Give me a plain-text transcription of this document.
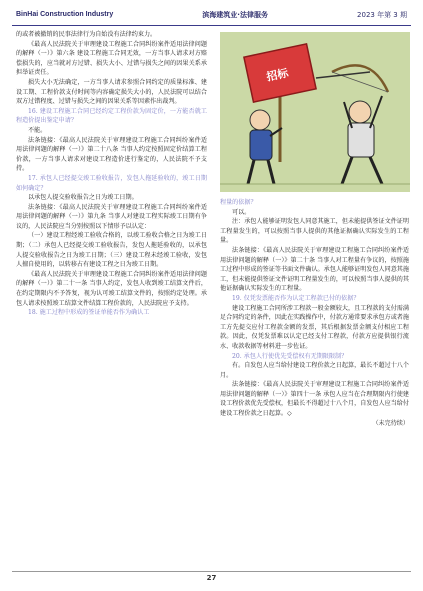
BinHai Construction Industry	滨海建筑业·法律服务	2023 年第 3 期

的或者被撤销的民事法律行为自始没有法律约束力。

《最高人民法院关于审理建设工程施工合同纠纷案件适用法律问题的解释（一）》第六条 建设工程施工合同无效，一方当事人请求对方赔偿损失的，应当就对方过错、损失大小、过错与损失之间的因果关系承担举证责任。

损失大小无法确定，一方当事人请求参照合同约定的质量标准、建设工期、工程价款支付时间等内容确定损失大小的，人民法院可以结合双方过错程度、过错与损失之间的因果关系等因素作出裁判。

16. 建设工程施工合同已经约定工程价款为固定价，一方能否就工程造价提出鉴定申请？

不能。

法条链接：《最高人民法院关于审理建设工程施工合同纠纷案件适用法律问题的解释（一）》第二十八条 当事人约定按照固定价结算工程价款，一方当事人请求对建设工程造价进行鉴定的，人民法院不予支持。

17. 承包人已经提交竣工验收报告，发包人拖延验收的，竣工日期如何确定？

以承包人提交验收报告之日为竣工日期。

法条链接：《最高人民法院关于审理建设工程施工合同纠纷案件适用法律问题的解释（一）》第九条 当事人对建设工程实际竣工日期有争议的，人民法院应当分别按照以下情形予以认定：

（一）建设工程经竣工验收合格的，以竣工验收合格之日为竣工日期；（二）承包人已经提交竣工验收报告，发包人拖延验收的，以承包人提交验收报告之日为竣工日期；（三）建设工程未经竣工验收，发包人擅自使用的，以转移占有建设工程之日为竣工日期。

《最高人民法院关于审理建设工程施工合同纠纷案件适用法律问题的解释（一）》第二十一条 当事人约定，发包人收到竣工结算文件后，在约定期限内不予答复，视为认可竣工结算文件的，按照约定处理。承包人请求按照竣工结算文件结算工程价款的，人民法院应予支持。

18. 施工过程中形成的签证单能否作为确认工

招标

程量的依据？

可以。

注：承包人能够证明发包人同意其施工，但未能提供签证文件证明工程量发生的，可以按照当事人提供的其他证据确认实际发生的工程量。

法条链接：《最高人民法院关于审理建设工程施工合同纠纷案件适用法律问题的解释（一）》第二十条 当事人对工程量有争议的，按照施工过程中形成的签证等书面文件确认。承包人能够证明发包人同意其施工，但未能提供签证文件证明工程量发生的，可以按照当事人提供的其他证据确认实际发生的工程量。

19. 仅凭发票能否作为认定工程款已付的依据？

建设工程施工合同所涉工程款一般金额较大，且工程款的支付需满足合同约定的条件，因此在实践操作中，付款方通常要求承包方或者施工方先提交应付工程款金额的发票，其后根据发票金额支付相应工程款。因此，仅凭发票难以认定已经支付工程款，付款方应提供银行流水、收款收据等材料进一步佐证。

20. 承包人行使优先受偿权有无期限限制？

有。自发包人应当给付建设工程价款之日起算，最长不超过十八个月。

法条链接：《最高人民法院关于审理建设工程施工合同纠纷案件适用法律问题的解释（一）》第四十一条 承包人应当在合理期限内行使建设工程价款优先受偿权，但最长不得超过十八个月，自发包人应当给付建设工程价款之日起算。◇

（未完待续）

27
